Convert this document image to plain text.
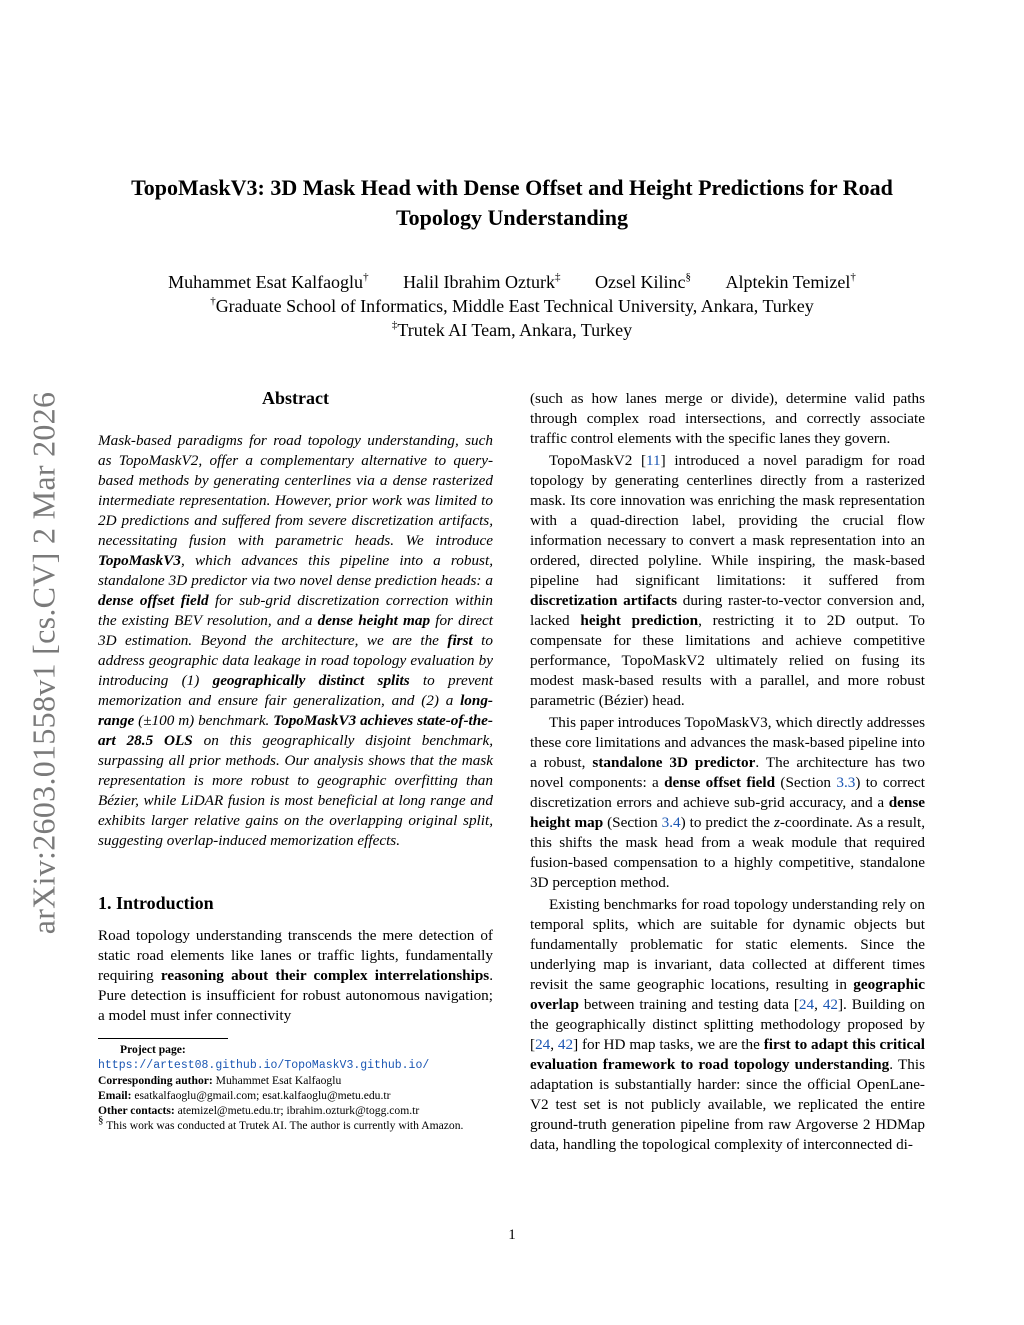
arXiv:2603.01558v1 [cs.CV] 2 Mar 2026
TopoMaskV3: 3D Mask Head with Dense Offset and Height Predictions for Road Topology Understanding
Muhammet Esat Kalfaoglu† Halil Ibrahim Ozturk‡ Ozsel Kilinc§ Alptekin Temizel†
†Graduate School of Informatics, Middle East Technical University, Ankara, Turkey
‡Trutek AI Team, Ankara, Turkey
Abstract

Mask-based paradigms for road topology understanding, such as TopoMaskV2, offer a complementary alternative to query-based methods by generating centerlines via a dense rasterized intermediate representation. However, prior work was limited to 2D predictions and suffered from severe discretization artifacts, necessitating fusion with parametric heads. We introduce TopoMaskV3, which advances this pipeline into a robust, standalone 3D predictor via two novel dense prediction heads: a dense offset field for sub-grid discretization correction within the existing BEV resolution, and a dense height map for direct 3D estimation. Beyond the architecture, we are the first to address geographic data leakage in road topology evaluation by introducing (1) geographically distinct splits to prevent memorization and ensure fair generalization, and (2) a long-range (±100 m) benchmark. TopoMaskV3 achieves state-of-the-art 28.5 OLS on this geographically disjoint benchmark, surpassing all prior methods. Our analysis shows that the mask representation is more robust to geographic overfitting than Bézier, while LiDAR fusion is most beneficial at long range and exhibits larger relative gains on the overlapping original split, suggesting overlap-induced memorization effects.

1. Introduction

Road topology understanding transcends the mere detection of static road elements like lanes or traffic lights, fundamentally requiring reasoning about their complex interrelationships. Pure detection is insufficient for robust autonomous navigation; a model must infer connectivity

Project page: https://artest08.github.io/TopoMaskV3.github.io/

Corresponding author: Muhammet Esat Kalfaoglu

Email: esatkalfaoglu@gmail.com; esat.kalfaoglu@metu.edu.tr

Other contacts: atemizel@metu.edu.tr; ibrahim.ozturk@togg.com.tr

§ This work was conducted at Trutek AI. The author is currently with Amazon.

(such as how lanes merge or divide), determine valid paths through complex road intersections, and correctly associate traffic control elements with the specific lanes they govern.

TopoMaskV2 [11] introduced a novel paradigm for road topology by generating centerlines directly from a rasterized mask. Its core innovation was enriching the mask representation with a quad-direction label, providing the crucial flow information necessary to convert a mask representation into an ordered, directed polyline. While inspiring, the mask-based pipeline had significant limitations: it suffered from discretization artifacts during raster-to-vector conversion and, lacked height prediction, restricting it to 2D output. To compensate for these limitations and achieve competitive performance, TopoMaskV2 ultimately relied on fusing its modest mask-based results with a parallel, and more robust parametric (Bézier) head.

This paper introduces TopoMaskV3, which directly addresses these core limitations and advances the mask-based pipeline into a robust, standalone 3D predictor. The architecture has two novel components: a dense offset field (Section 3.3) to correct discretization errors and achieve sub-grid accuracy, and a dense height map (Section 3.4) to predict the z-coordinate. As a result, this shifts the mask head from a weak module that required fusion-based compensation to a highly competitive, standalone 3D perception method.

Existing benchmarks for road topology understanding rely on temporal splits, which are suitable for dynamic objects but fundamentally problematic for static elements. Since the underlying map is invariant, data collected at different times revisit the same geographic locations, resulting in geographic overlap between training and testing data [24, 42]. Building on the geographically distinct splitting methodology proposed by [24, 42] for HD map tasks, we are the first to adapt this critical evaluation framework to road topology understanding. This adaptation is substantially harder: since the official OpenLane-V2 test set is not publicly available, we replicated the entire ground-truth generation pipeline from raw Argoverse 2 HDMap data, handling the topological complexity of interconnected di-

1
